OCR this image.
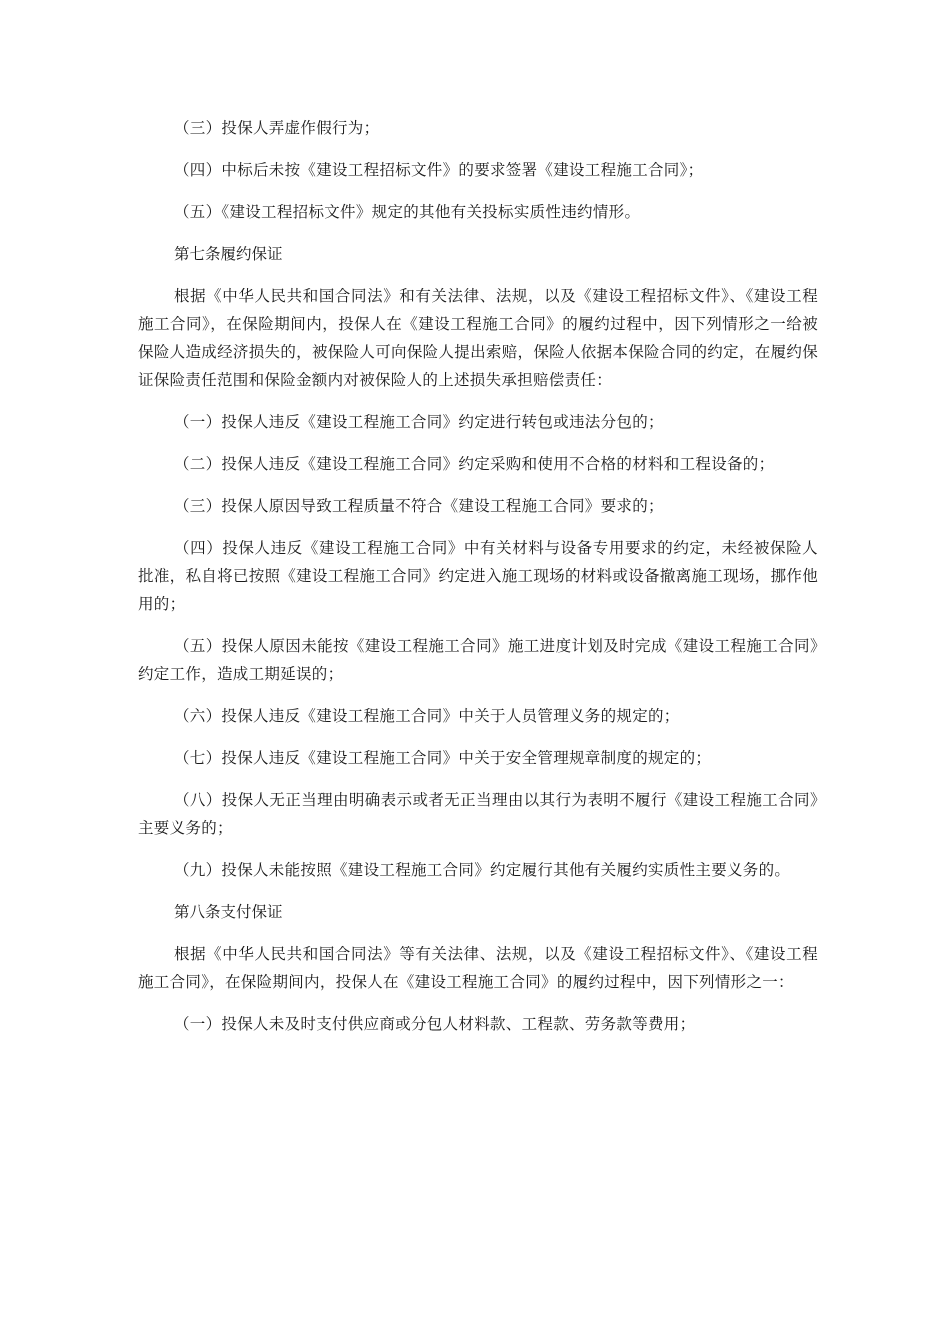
（三）投保人弄虚作假行为；

（四）中标后未按《建设工程招标文件》的要求签署《建设工程施工合同》；

（五）《建设工程招标文件》规定的其他有关投标实质性违约情形。

第七条履约保证

根据《中华人民共和国合同法》和有关法律、法规，以及《建设工程招标文件》、《建设工程施工合同》，在保险期间内，投保人在《建设工程施工合同》的履约过程中，因下列情形之一给被保险人造成经济损失的，被保险人可向保险人提出索赔，保险人依据本保险合同的约定，在履约保证保险责任范围和保险金额内对被保险人的上述损失承担赔偿责任：

（一）投保人违反《建设工程施工合同》约定进行转包或违法分包的；

（二）投保人违反《建设工程施工合同》约定采购和使用不合格的材料和工程设备的；

（三）投保人原因导致工程质量不符合《建设工程施工合同》要求的；

（四）投保人违反《建设工程施工合同》中有关材料与设备专用要求的约定，未经被保险人批准，私自将已按照《建设工程施工合同》约定进入施工现场的材料或设备撤离施工现场，挪作他用的；

（五）投保人原因未能按《建设工程施工合同》施工进度计划及时完成《建设工程施工合同》约定工作，造成工期延误的；

（六）投保人违反《建设工程施工合同》中关于人员管理义务的规定的；

（七）投保人违反《建设工程施工合同》中关于安全管理规章制度的规定的；

（八）投保人无正当理由明确表示或者无正当理由以其行为表明不履行《建设工程施工合同》主要义务的；

（九）投保人未能按照《建设工程施工合同》约定履行其他有关履约实质性主要义务的。

第八条支付保证

根据《中华人民共和国合同法》等有关法律、法规，以及《建设工程招标文件》、《建设工程施工合同》，在保险期间内，投保人在《建设工程施工合同》的履约过程中，因下列情形之一：

（一）投保人未及时支付供应商或分包人材料款、工程款、劳务款等费用；
